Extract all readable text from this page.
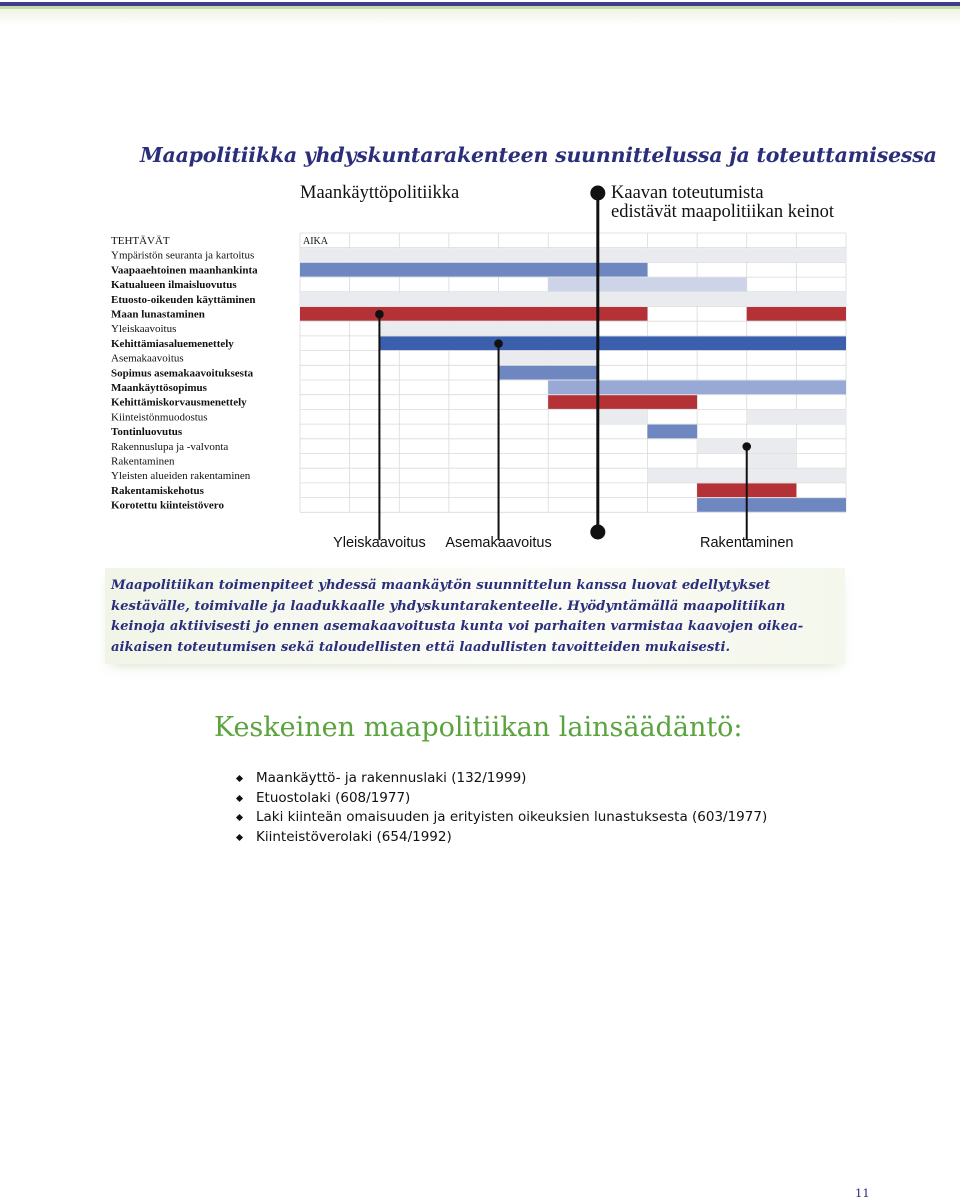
Maapolitiikka yhdyskuntarakenteen suunnittelussa ja toteuttamisessa
Maankäyttöpolitiikka	Kaavan toteutumista
edistävät maapolitiikan keinot
TEHTÄVÄT	AIKA
Ympäristön seuranta ja kartoitus
Vaapaaehtoinen maanhankinta
Katualueen ilmaisluovutus
Etuosto-oikeuden käyttäminen
Maan lunastaminen
Yleiskaavoitus
Kehittämiasaluemenettely
Asemakaavoitus
Sopimus asemakaavoituksesta
Maankäyttösopimus
Kehittämiskorvausmenettely
Kiinteistönmuodostus
Tontinluovutus
Rakennuslupa ja -valvonta
Rakentaminen
Yleisten alueiden rakentaminen
Rakentamiskehotus
Korotettu kiinteistövero
Yleiskaavoitus Asemakaavoitus	Rakentaminen

Maapolitiikan toimenpiteet yhdessä maankäytön suunnittelun kanssa luovat edellytykset kestävälle, toimivalle ja laadukkaalle yhdyskuntarakenteelle. Hyödyntämällä maapolitiikan keinoja aktiivisesti jo ennen asemakaavoitusta kunta voi parhaiten varmistaa kaavojen oikea-aikaisen toteutumisen sekä taloudellisten että laadullisten tavoitteiden mukaisesti.

Keskeinen maapolitiikan lainsäädäntö:
Maankäyttö- ja rakennuslaki (132/1999)
Etuostolaki (608/1977)
Laki kiinteän omaisuuden ja erityisten oikeuksien lunastuksesta (603/1977)
Kiinteistöverolaki (654/1992)
11
